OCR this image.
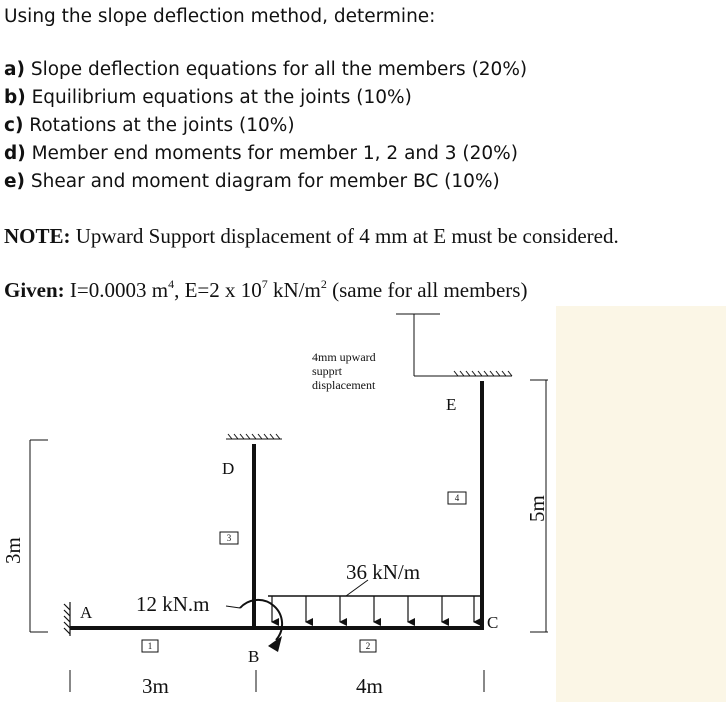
Using the slope deflection method, determine:

a) Slope deflection equations for all the members (20%)

b) Equilibrium equations at the joints (10%)

c) Rotations at the joints (10%)

d) Member end moments for member 1, 2 and 3 (20%)

e) Shear and moment diagram for member BC (10%)

NOTE: Upward Support displacement of 4 mm at E must be considered.

Given: I=0.0003 $m^4$, E=2 x $10^7$ $kN/m^2$ (same for all members)

4mm upward
supprt
displacement
A
B
C
D
E
1	2
3
4
12 kN.m
36 kN/m
3m	4m
3m
5m
